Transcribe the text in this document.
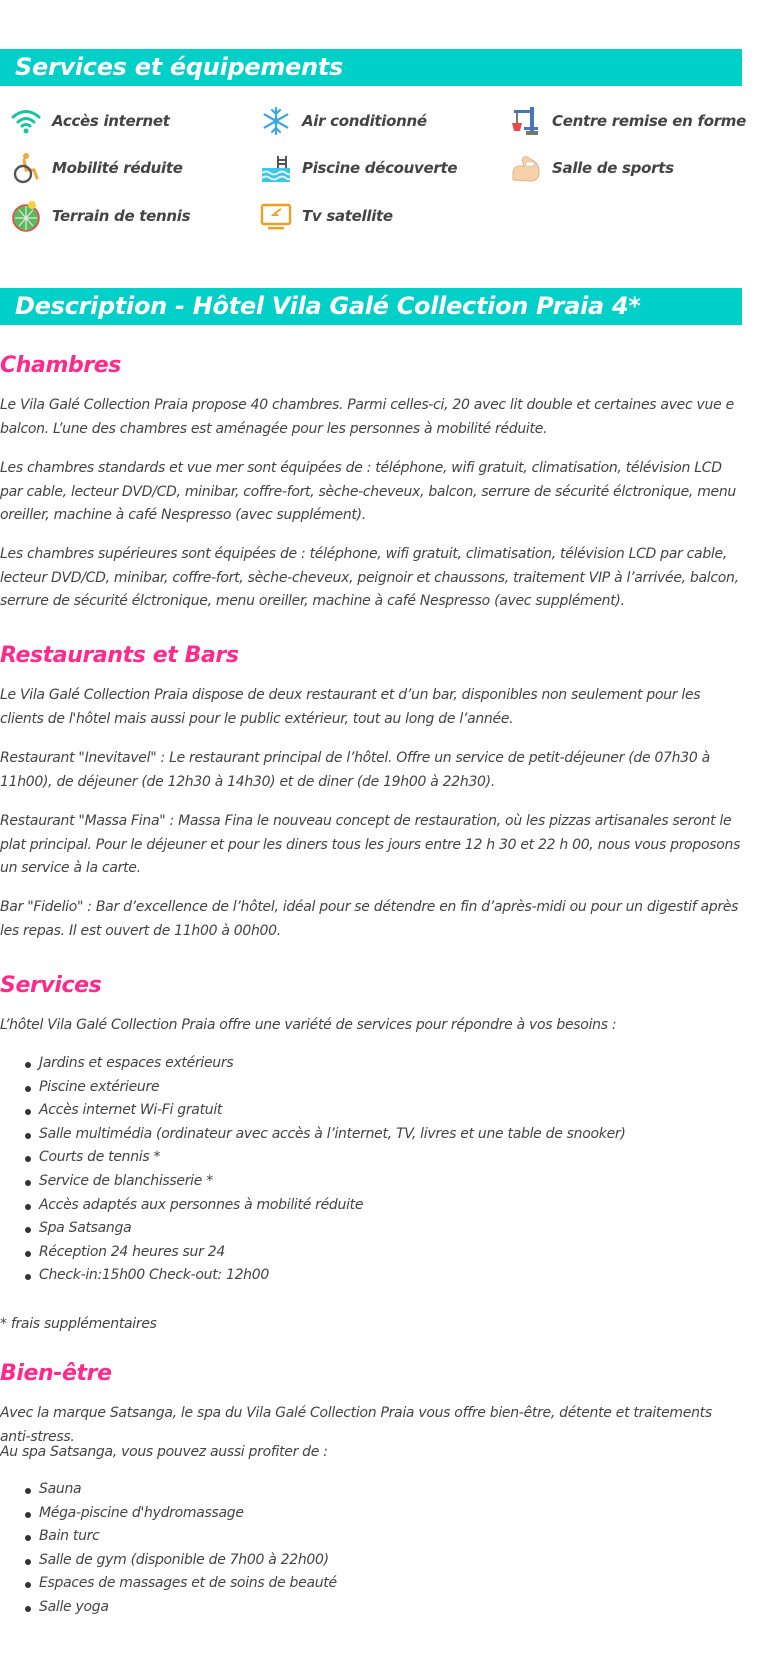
Services et équipements
Accès internet	Air conditionné	Centre remise en forme
Mobilité réduite	Piscine découverte	Salle de sports
Terrain de tennis	Tv satellite
Description - Hôtel Vila Galé Collection Praia 4*
Chambres

Le Vila Galé Collection Praia propose 40 chambres. Parmi celles-ci, 20 avec lit double et certaines avec vue e balcon. L’une des chambres est aménagée pour les personnes à mobilité réduite.

Les chambres standards et vue mer sont équipées de : téléphone, wifi gratuit, climatisation, télévision LCD par cable, lecteur DVD/CD, minibar, coffre-fort, sèche-cheveux, balcon, serrure de sécurité élctronique, menu oreiller, machine à café Nespresso (avec supplément).

Les chambres supérieures sont équipées de : téléphone, wifi gratuit, climatisation, télévision LCD par cable, lecteur DVD/CD, minibar, coffre-fort, sèche-cheveux, peignoir et chaussons, traitement VIP à l’arrivée, balcon, serrure de sécurité élctronique, menu oreiller, machine à café Nespresso (avec supplément).

Restaurants et Bars

Le Vila Galé Collection Praia dispose de deux restaurant et d’un bar, disponibles non seulement pour les clients de l'hôtel mais aussi pour le public extérieur, tout au long de l’année.

Restaurant "Inevitavel" : Le restaurant principal de l’hôtel. Offre un service de petit-déjeuner (de 07h30 à 11h00), de déjeuner (de 12h30 à 14h30) et de diner (de 19h00 à 22h30).

Restaurant "Massa Fina" : Massa Fina le nouveau concept de restauration, où les pizzas artisanales seront le plat principal. Pour le déjeuner et pour les diners tous les jours entre 12 h 30 et 22 h 00, nous vous proposons un service à la carte.

Bar "Fidelio" : Bar d’excellence de l’hôtel, idéal pour se détendre en fin d’après-midi ou pour un digestif après les repas. Il est ouvert de 11h00 à 00h00.

Services

L’hôtel Vila Galé Collection Praia offre une variété de services pour répondre à vos besoins :

Jardins et espaces extérieurs
Piscine extérieure
Accès internet Wi-Fi gratuit
Salle multimédia (ordinateur avec accès à l’internet, TV, livres et une table de snooker)
Courts de tennis *
Service de blanchisserie *
Accès adaptés aux personnes à mobilité réduite
Spa Satsanga
Réception 24 heures sur 24
Check-in:15h00 Check-out: 12h00

* frais supplémentaires

Bien-être

Avec la marque Satsanga, le spa du Vila Galé Collection Praia vous offre bien-être, détente et traitements anti-stress.

Au spa Satsanga, vous pouvez aussi profiter de :

Sauna
Méga-piscine d'hydromassage
Bain turc
Salle de gym (disponible de 7h00 à 22h00)
Espaces de massages et de soins de beauté
Salle yoga
